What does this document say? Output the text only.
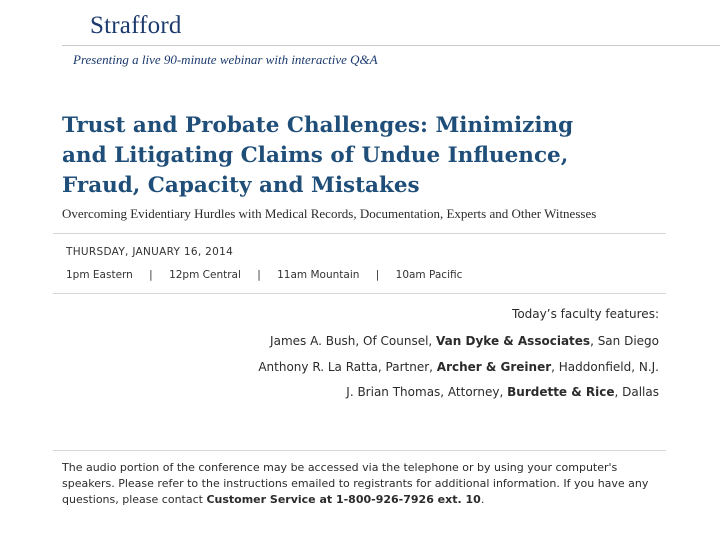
Strafford
Presenting a live 90-minute webinar with interactive Q&A
Trust and Probate Challenges: Minimizing
and Litigating Claims of Undue Influence,
Fraud, Capacity and Mistakes
Overcoming Evidentiary Hurdles with Medical Records, Documentation, Experts and Other Witnesses
THURSDAY, JANUARY 16, 2014
1pm Eastern | 12pm Central | 11am Mountain | 10am Pacific
Today’s faculty features:
James A. Bush, Of Counsel, Van Dyke & Associates, San Diego
Anthony R. La Ratta, Partner, Archer & Greiner, Haddonfield, N.J.
J. Brian Thomas, Attorney, Burdette & Rice, Dallas
The audio portion of the conference may be accessed via the telephone or by using your computer's speakers. Please refer to the instructions emailed to registrants for additional information. If you have any questions, please contact Customer Service at 1-800-926-7926 ext. 10.
